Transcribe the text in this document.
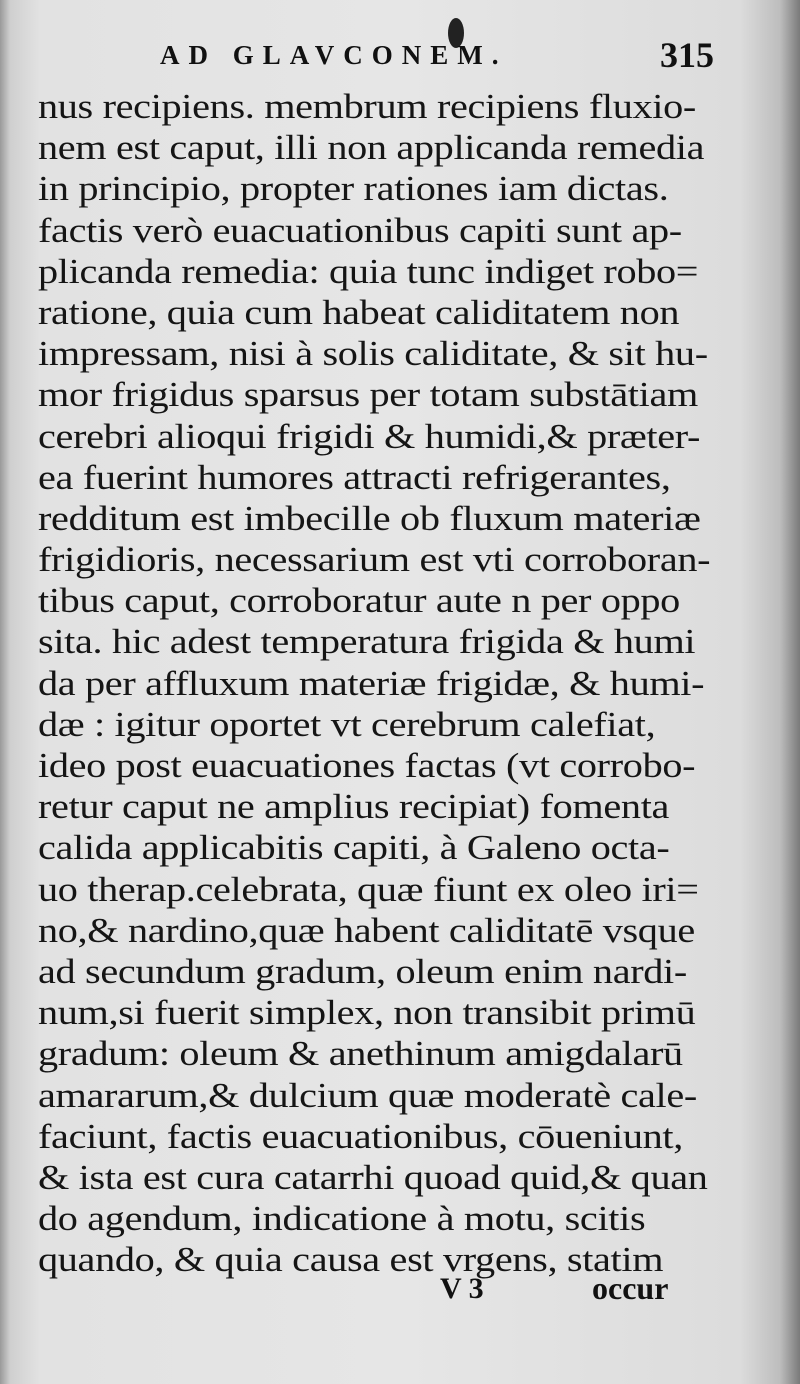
AD GLAVCONEM.	315
nus recipiens. membrum recipiens fluxio-
nem est caput, illi non applicanda remedia
in principio, propter rationes iam dictas.
factis verò euacuationibus capiti sunt ap-
plicanda remedia: quia tunc indiget robo=
ratione, quia cum habeat caliditatem non
impressam, nisi à solis caliditate, & sit hu-
mor frigidus sparsus per totam substātiam
cerebri alioqui frigidi & humidi,& præter-
ea fuerint humores attracti refrigerantes,
redditum est imbecille ob fluxum materiæ
frigidioris, necessarium est vti corroboran-
tibus caput, corroboratur aute n per oppo
sita. hic adest temperatura frigida & humi
da per affluxum materiæ frigidæ, & humi-
dæ : igitur oportet vt cerebrum calefiat,
ideo post euacuationes factas (vt corrobo-
retur caput ne amplius recipiat) fomenta
calida applicabitis capiti, à Galeno octa-
uo therap.celebrata, quæ fiunt ex oleo iri=
no,& nardino,quæ habent caliditatē vsque
ad secundum gradum, oleum enim nardi-
num,si fuerit simplex, non transibit primū
gradum: oleum & anethinum amigdalarū
amararum,& dulcium quæ moderatè cale-
faciunt, factis euacuationibus, cōueniunt,
& ista est cura catarrhi quoad quid,& quan
do agendum, indicatione à motu, scitis
quando, & quia causa est vrgens, statim
V 3	occur
